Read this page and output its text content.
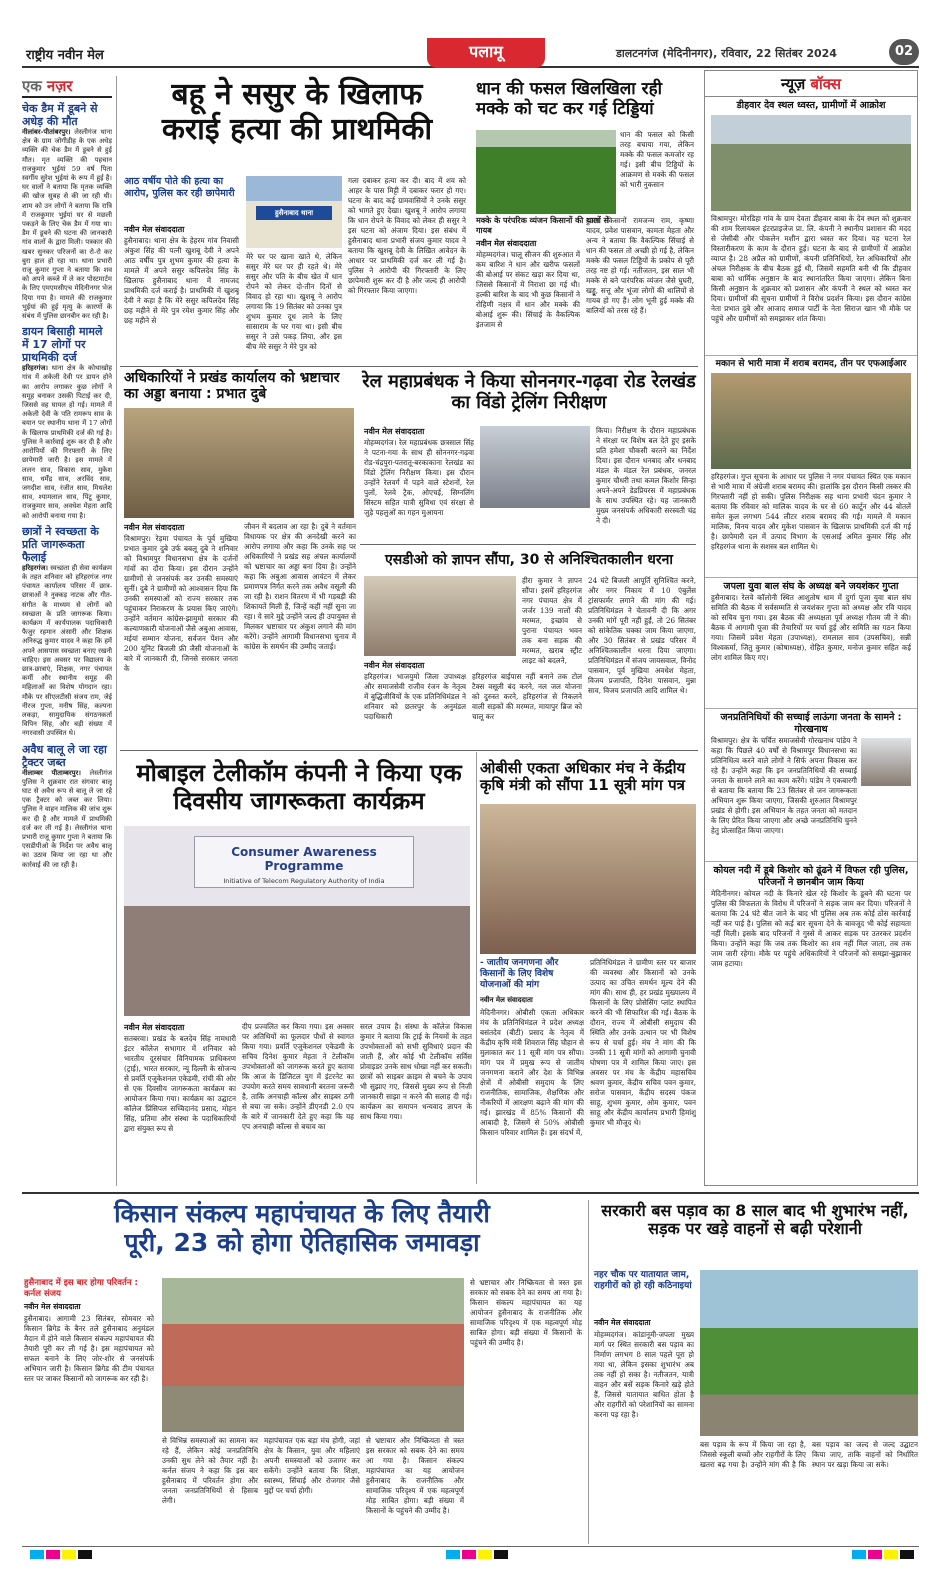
राष्ट्रीय नवीन मेल	पलामू	डालटनगंज (मेदिनीनगर), रविवार, 22 सितंबर 2024	02
एक नज़र
चेक डैम में डूबने से अधेड़ की मौत
नीलांबर-पीतांबरपुर। लेस्लीगंज थाना क्षेत्र के ग्राम जोगीडीह के एक अधेड़ व्यक्ति की चेक डैम में डूबने से हुई मौत। मृत व्यक्ति की पहचान राजकुमार भुईयां 59 वर्ष पिता स्वर्गीय सुरेश भुईयां के रूप में हुई है। घर वालों ने बताया कि मृतक व्यक्ति की खोज सुबह से की जा रही थी। शाम को उन लोगों ने बताया कि रात्रि में राजकुमार भुईयां घर से मछली पकड़ने के लिए चेक डैम में गया था। डैम में डूबने की घटना की जानकारी गांव वालों के द्वारा मिली। पत्रकार की खबर सुनकर परिजनों का रो-रो कर बुरा हाल हो रहा था। थाना प्रभारी राजू कुमार गुप्ता ने बताया कि शव को अपने कब्जे में ले कर पोस्टमार्टम के लिए एमएमसीएच मेदिनीनगर भेज दिया गया है। मामले की राजकुमार भुईयां की हुई मृत्यु के कारणों के संबंध में पुलिस छानबीन कर रही है।
डायन बिसाही मामले में 17 लोगों पर प्राथमिकी दर्ज
हरिहरगंज। थाना क्षेत्र के कोथाखोह गांव में अकेली देवी पर डायन होने का आरोप लगाकर कुछ लोगों ने समूह बनाकर उसकी पिटाई कर दी, जिससे वह घायल हो गई। मामले में अकेली देवी के पति रामरूप साव के बयान पर स्थानीय थाना में 17 लोगों के खिलाफ प्राथमिकी दर्ज की गई है। पुलिस ने कार्रवाई शुरू कर दी है और आरोपियों की गिरफ्तारी के लिए छापेमारी जारी है। इस मामले में ललन साव, विकास साव, मुकेश साव, धर्मेंद्र साव, अरविंद साव, जगदीश साव, रंजीत साव, मिथलेश साव, श्यामलाल साव, पिंटू कुमार, राजकुमार साव, अवधेश मेहता आदि को आरोपी बनाया गया है।
छात्रों ने स्वच्छता के प्रति जागरूकता फैलाई
हरिहरगंज। स्वच्छता ही सेवा कार्यक्रम के तहत शनिवार को हरिहरगंज नगर पंचायत कार्यालय परिसर में छात्र-छात्राओं ने नुक्कड़ नाटक और गीत-संगीत के माध्यम से लोगों को स्वच्छता के प्रति जागरूक किया। कार्यक्रम में कार्यपालक पदाधिकारी फैजुर रहमान अंसारी और शिक्षक अनिरुद्ध कुमार यादव ने कहा कि हमें अपने आसपास स्वच्छता बनाए रखनी चाहिए। इस अवसर पर विद्यालय के छात्र-छात्राएं, शिक्षक, नगर पंचायत कर्मी और स्थानीय समूह की महिलाओं का विशेष योगदान रहा। मौके पर सीएलटीसी संजय राम, जेई नीरज गुप्ता, मनीष सिंह, कल्पना लकड़ा, सामुदायिक संगठनकर्ता विपिन सिंह, और बड़ी संख्या में नगरवासी उपस्थित थे।
अवैध बालू ले जा रहा ट्रैक्टर जब्त
नीलाम्बर पीताम्बरपुर। लेस्लीगंज पुलिस ने शुक्रवार रात संगवार बालू घाट से अवैध रूप से बालू ले जा रहे एक ट्रैक्टर को जब्त कर लिया। पुलिस ने वाहन मालिक की जांच शुरू कर दी है और मामले में प्राथमिकी दर्ज कर ली गई है। लेस्लीगंज थाना प्रभारी राजू कुमार गुप्ता ने बताया कि एसडीपीओ के निर्देश पर अवैध बालू का उठाव किया जा रहा था और कार्रवाई की जा रही है।
बहू ने ससुर के खिलाफ
कराई हत्या की प्राथमिकी
आठ वर्षीय पोते की हत्या का आरोप, पुलिस कर रही छापेमारी
हुसैनाबाद थाना
नवीन मेल संवाददाता
हुसैनाबाद। थाना क्षेत्र के हेहरम गांव निवासी अंकुश सिंह की पत्नी खुशबू देवी ने अपने आठ वर्षीय पुत्र शुभम कुमार की हत्या के मामले में अपने ससुर कपिलदेव सिंह के खिलाफ हुसैनाबाद थाना में नामजद प्राथमिकी दर्ज कराई है। प्राथमिकी में खुशबू देवी ने कहा है कि मेरे ससुर कपिलदेव सिंह छह महीने से मेरे पुत्र रमेश कुमार सिंह और छह महीने से
मेरे घर पर खाना खाते थे, लेकिन ससुर मेरे घर पर ही रहते थे। मेरे ससुर और पति के बीच खेत में धान रोपने को लेकर दो-तीन दिनों से विवाद हो रहा था। खुशबू ने आरोप लगाया कि 19 सितंबर को उनका पुत्र शुभम कुमार दूध लाने के लिए सासाराम के घर गया था। इसी बीच ससुर ने उसे पकड़ लिया, और इस बीच मेरे ससुर ने मेरे पुत्र को
गला दबाकर हत्या कर दी। बाद में शव को आहर के पास मिट्टी में दबाकर फरार हो गए। घटना के बाद कई ग्रामवासियों ने उनके ससुर को भागते हुए देखा। खुशबू ने आरोप लगाया कि धान रोपने के विवाद को लेकर ही ससुर ने इस घटना को अंजाम दिया। इस संबंध में हुसैनाबाद थाना प्रभारी संजय कुमार यादव ने बताया कि खुशबू देवी के लिखित आवेदन के आधार पर प्राथमिकी दर्ज कर ली गई है। पुलिस ने आरोपी की गिरफ्तारी के लिए छापेमारी शुरू कर दी है और जल्द ही आरोपी को गिरफ्तार किया जाएगा।
धान की फसल खिलखिला रही मक्के को चट कर गई टिड्डियां
धान की फसल को किसी तरह बचाया गया, लेकिन मक्के की फसल कमजोर रह गई। इसी बीच टिड्डियों के आक्रमण से मक्के की फसल को भारी नुकसान
मक्के के परंपरिक व्यंजन किसानों की थालों से गायब
नवीन मेल संवाददाता
मोहम्मदगंज। चालू सीजन की शुरुआत में कम बारिश ने धान और खरीफ फसलों की बोआई पर संकट खड़ा कर दिया था, जिससे किसानों में निराशा छा गई थी। हल्की बारिश के बाद भी कुछ किसानों ने रोहिणी नक्षत्र में धान और मक्के की बोआई शुरू की। सिंचाई के वैकल्पिक इंतजाम से
हुआ। किसानों रामजन्म राम, कृष्णा यादव, प्रवेश पासवान, कामता मेहता और अन्य ने बताया कि वैकल्पिक सिंचाई से धान की फसल तो अच्छी हो गई है, लेकिन मक्के की फसल टिड्डियों के प्रकोप से पूरी तरह नष्ट हो गई। नतीजतन, इस साल भी मक्के से बने पारंपरिक व्यंजन जैसे घुघरी, खड्डू, सत्तू और भूंजा लोगों की थालियों से गायब हो गए हैं। लोग भूनी हुई मक्के की बालियों को तरस रहे हैं।
अधिकारियों ने प्रखंड कार्यालय को भ्रष्टाचार का अड्डा बनाया : प्रभात दुबे
नवीन मेल संवाददाता
विश्रामपुर। रेड़मा पंचायत के पूर्व मुखिया प्रभात कुमार दुबे उर्फ बबलू दुबे ने शनिवार को विश्रामपुर विधानसभा क्षेत्र के दर्जनों गांवों का दौरा किया। इस दौरान उन्होंने ग्रामीणों से जनसंपर्क कर उनकी समस्याएं सुनीं। दुबे ने ग्रामीणों को आश्वासन दिया कि उनकी समस्याओं को राज्य सरकार तक पहुंचाकर निराकरण के प्रयास किए जाएंगे। उन्होंने वर्तमान कांग्रेस-झामुमो सरकार की कल्याणकारी योजनाओं जैसे अबुआ आवास, मईयां सम्मान योजना, सर्वजन पेंशन और 200 यूनिट बिजली फ्री जैसी योजनाओं के बारे में जानकारी दी, जिनसे सरकार जनता के
जीवन में बदलाव आ रहा है। दुबे ने वर्तमान विधायक पर क्षेत्र की अनदेखी करने का आरोप लगाया और कहा कि उनके सह पर अधिकारियों ने प्रखंड सह अंचल कार्यालयों को भ्रष्टाचार का अड्डा बना दिया है। उन्होंने कहा कि अबुआ आवास आवंटन में लेकर प्रमाणपत्र निर्गत करने तक अवैध वसूली की जा रही है। राशन वितरण में भी गड़बड़ी की शिकायतें मिली हैं, जिन्हें कहीं नहीं सुना जा रहा। ये सारे मुद्दे उन्होंने जल्द ही उपायुक्त से मिलकर भ्रष्टाचार पर अंकुश लगाने की मांग करेंगे। उन्होंने आगामी विधानसभा चुनाव में कांग्रेस के समर्थन की उम्मीद जताई।
रेल महाप्रबंधक ने किया सोननगर-गढ़वा रोड रेलखंड का विंडो ट्रेलिंग निरीक्षण
नवीन मेल संवाददाता
मोहम्मदगंज। रेल महाप्रबंधक छत्रसाल सिंह ने पटना-गया के साथ ही सोननगर-गढ़वा रोड-चंद्रपुरा-पतरातू-बरकाकाना रेलखंड का विंडो ट्रेलिंग निरीक्षण किया। इस दौरान उन्होंने रेलवर्ग में पड़ने वाले स्टेशनों, रेल पुलों, रेलवे ट्रैक, ओएचई, सिग्नलिंग सिस्टम सहित यात्री सुविधा एवं संरक्षा से जुड़े पहलुओं का गहन मुआयना
किया। निरीक्षण के दौरान महाप्रबंधक ने संरक्षा पर विशेष बल देते हुए इसके प्रति हमेशा चौकसी बरतने का निर्देश दिया। इस दौरान धनबाद और धनबाद मंडल के मंडल रेल प्रबंधक, जनरल कुमार चौधरी तथा कमल किशोर सिन्हा अपने-अपने डेडप्रियरस में महाप्रबंधक के साथ उपस्थित रहे। यह जानकारी मुख्य जनसंपर्क अधिकारी सरस्वती चंद्र ने दी।
एसडीओ को ज्ञापन सौंपा, 30 से अनिश्चितकालीन धरना
नवीन मेल संवाददाता
हीरा कुमार ने ज्ञापन सौंपा। इसमें हरिहरगंज नगर पंचायत क्षेत्र में जर्जर 139 नालों की मरम्मत, इच्छांव से पुराना पंचायत भवन तक बना सड़क की मरम्मत, खराब स्ट्रीट लाइट को बदलने,
हरिहरगंज। भाजयुमो जिला उपाध्यक्ष और समाजसेवी राजीव रंजन के नेतृत्व में बुद्धिजीवियों के एक प्रतिनिधिमंडल ने शनिवार को छतरपुर के अनुमंडल पदाधिकारी
हरिहरगंज बाईपास नहीं बनाने तक टोल टैक्स वसूली बंद करने, नल जल योजना को दुरुस्त करने, हरिहरगंज से निकलने वाली सड़कों की मरम्मत, मायापुर ब्रिज को चालू कर
24 घंटे बिजली आपूर्ति सुनिश्चित करने, और नगर निकाय में 10 एंबुलेंस ट्रांसफार्मर लगाने की मांग की गई। प्रतिनिधिमंडल ने चेतावनी दी कि अगर उनकी मांगें पूरी नहीं हुईं, तो 26 सितंबर को सांकेतिक चक्का जाम किया जाएगा, और 30 सितंबर से प्रखंड परिसर में अनिश्चितकालीन धरना दिया जाएगा। प्रतिनिधिमंडल में संजय जायसवाल, विनोद पासवान, पूर्व मुखिया अवधेश मेहता, विजय प्रजापति, दिनेश पासवान, मुन्ना साव, विजय प्रजापति आदि शामिल थे।
मोबाइल टेलीकॉम कंपनी ने किया एक दिवसीय जागरूकता कार्यक्रम
Consumer Awareness Programme
Initiative of Telecom Regulatory Authority of India
नवीन मेल संवाददाता
सतबरवा। प्रखंड के बलदेव सिंह नामधारी इंटर कॉलेज सभागार में शनिवार को भारतीय दूरसंचार विनियामक प्राधिकरण (ट्राई), भारत सरकार, न्यू दिल्ली के सोजन्य से प्रवर्ति एजुकेशनल एकेडमी, रांची की ओर से एक दिवसीय जागरूकता कार्यक्रम का आयोजन किया गया। कार्यक्रम का उद्घाटन कॉलेज प्रिंसिपल सच्चिदानंद प्रसाद, मोहन सिंह, प्रतिमा और संस्था के पदाधिकारियों द्वारा संयुक्त रूप से
दीप प्रज्वलित कर किया गया। इस अवसर पर अतिथियों का फूलदार पौधों से स्वागत किया गया। प्रवर्ति एजुकेशनल एकेडमी के सचिव दिनेश कुमार मेहता ने टेलीकॉम उपभोक्ताओं को जागरूक करते हुए बताया कि आज के डिजिटल युग में इंटरनेट का उपयोग करते समय सावधानी बरतना जरूरी है, ताकि अनचाही कॉल्स और साइबर ठगी से बचा जा सके। उन्होंने डीएनडी 2.0 एप के बारे में जानकारी देते हुए कहा कि यह एप अनचाही कॉल्स से बचाव का
सरल उपाय है। संस्था के कॉलेज विकास कुमार ने बताया कि ट्राई के नियमों के तहत उपभोक्ताओं को सभी सुविधाएं प्रदान की जाती हैं, और कोई भी टेलीकॉम सर्विस प्रोवाइडर उनके साथ धोखा नहीं कर सकती। छात्रों को साइबर क्राइम से बचने के उपाय भी सुझाए गए, जिससे मुख्य रूप से निजी जानकारी साझा न करने की सलाह दी गई। कार्यक्रम का समापन धन्यवाद ज्ञापन के साथ किया गया।
ओबीसी एकता अधिकार मंच ने केंद्रीय कृषि मंत्री को सौंपा 11 सूत्री मांग पत्र
- जातीय जनगणना और किसानों के लिए विशेष योजनाओं की मांग
नवीन मेल संवाददाता
मेदिनीनगर। ओबीसी एकता अधिकार मंच के प्रतिनिधिमंडल ने प्रदेश अध्यक्ष बसंतदेव (बीटी) प्रसाद के नेतृत्व में केंद्रीय कृषि मंत्री शिवराज सिंह चौहान से मुलाकात कर 11 सूत्री मांग पत्र सौंपा। मांग पत्र में प्रमुख रूप से जातीय जनगणना कराने और देश के विभिन्न क्षेत्रों में ओबीसी समुदाय के लिए राजनीतिक, सामाजिक, शैक्षणिक और नौकरियों में आरक्षण बढ़ाने की मांग की गई। झारखंड में 85% किसानों की आबादी है, जिसमें से 50% ओबीसी किसान परिवार शामिल हैं। इस संदर्भ में,
प्रतिनिधिमंडल ने ग्रामीण स्तर पर बाजार की व्यवस्था और किसानों को उनके उत्पाद का उचित समर्थन मूल्य देने की मांग की। साथ ही, हर प्रखंड मुख्यालय में किसानों के लिए प्रोसेसिंग प्लांट स्थापित करने की भी सिफारिश की गई। बैठक के दौरान, राज्य में ओबीसी समुदाय की स्थिति और उनके उत्थान पर भी विशेष रूप से चर्चा हुई। मंच ने मांग की कि उनकी 11 सूत्री मांगों को आगामी चुनावी घोषणा पत्र में शामिल किया जाए। इस अवसर पर मंच के केंद्रीय महासचिव श्रवण कुमार, केंद्रीय सचिव पवन कुमार, सरोज पासवान, केंद्रीय सदस्य पंकज साहू, शुभम कुमार, ओम कुमार, पवन साहू और केंद्रीय कार्यालय प्रभारी हिमांशु कुमार भी मौजूद थे।
न्यूज़ बॉक्स
डीहवार देव स्थल ध्वस्त, ग्रामीणों में आक्रोश
विश्रामपुर। मोरडिहा गांव के ग्राम देवता डीहवार बाबा के देव स्थल को शुक्रवार की शाम रिलायबल इंटरप्राइजेज प्रा. लि. कंपनी ने स्थानीय प्रशासन की मदद से जेसीबी और पोकलेन मशीन द्वारा ध्वस्त कर दिया। यह घटना रेल विस्तारीकरण के काम के दौरान हुई। घटना के बाद से ग्रामीणों में आक्रोश व्याप्त है। 28 अप्रैल को ग्रामीणों, कंपनी प्रतिनिधियों, रेल अधिकारियों और अंचल निरीक्षक के बीच बैठक हुई थी, जिसमें सहमति बनी थी कि डीहवार बाबा को धार्मिक अनुष्ठान के बाद स्थानांतरित किया जाएगा। लेकिन बिना किसी अनुष्ठान के शुक्रवार को प्रशासन और कंपनी ने स्थल को ध्वस्त कर दिया। ग्रामीणों की सूचना ग्रामीणों ने विरोध प्रदर्शन किया। इस दौरान कांग्रेस नेता प्रभात दुबे और आजाद समाज पार्टी के नेता सिराज खान भी मौके पर पहुंचे और ग्रामीणों को समझाकर शांत किया।
मकान से भारी मात्रा में शराब बरामद, तीन पर एफआईआर
हरिहरगंज। गुप्त सूचना के आधार पर पुलिस ने नगर पंचायत स्थित एक मकान से भारी मात्रा में अंग्रेजी शराब बरामद की। हालांकि इस दौरान किसी तस्कर की गिरफ्तारी नहीं हो सकी। पुलिस निरीक्षक सह थाना प्रभारी चंदन कुमार ने बताया कि रविवार को मालिक यादव के घर से 60 कार्टून और 44 बोतलें समेत कुल लगभग 544 लीटर शराब बरामद की गई। मामले में मकान मालिक, विनय यादव और मुकेश पासवान के खिलाफ प्राथमिकी दर्ज की गई है। छापेमारी दल में उत्पाद विभाग के एसआई अमित कुमार सिंह और हरिहरगंज थाना के सशस्त्र बल शामिल थे।
जपला युवा बाल संघ के अध्यक्ष बने जयशंकर गुप्ता
हुसैनाबाद। रेलवे कॉलोनी स्थित आशुतोष धाम में दुर्गा पूजा युवा बाल संघ समिति की बैठक में सर्वसम्मति से जयशंकर गुप्ता को अध्यक्ष और रवि यादव को सचिव चुना गया। इस बैठक की अध्यक्षता पूर्व अध्यक्ष गौतम जी ने की। बैठक में आगामी पूजा की तैयारियों पर चर्चा हुई और समिति का गठन किया गया। जिसमें प्रवेश मेहता (उपाध्यक्ष), रामलाल साव (उपसचिव), सन्नी विश्वकर्मा, जितु कुमार (कोषाध्यक्ष), रोहित कुमार, मनोज कुमार सहित कई लोग शामिल किए गए।
जनप्रतिनिधियों की सच्चाई लाऊंगा जनता के सामने : गोरखनाथ
विश्रामपुर। क्षेत्र के चर्चित समाजसेवी गोरखनाथ पांडेय ने कहा कि पिछले 40 वर्षों से विश्रामपुर विधानसभा का प्रतिनिधित्व करने वाले लोगों ने सिर्फ अपना विकास कर रहे हैं। उन्होंने कहा कि इन जनप्रतिनिधियों की सच्चाई जनता के सामने लाने का काम करेंगे। पांडेय ने एकबारगी से बताया कि बताया कि 23 सितंबर से जन जागरूकता अभियान शुरू किया जाएगा, जिसकी शुरुआत विश्रामपुर प्रखंड से होगी। इस अभियान के तहत जनता को मतदान के लिए प्रेरित किया जाएगा और अच्छे जनप्रतिनिधि चुनने हेतु प्रोत्साहित किया जाएगा।
कोयल नदी में डूबे किशोर को ढूंढने में विफल रही पुलिस, परिजनों ने छानबीन जाम किया
मेदिनीनगर। कोयल नदी के किनारे खेल रहे किशोर के डूबने की घटना पर पुलिस की विफलता के विरोध में परिजनों ने सड़क जाम कर दिया। परिजनों ने बताया कि 24 घंटे बीत जाने के बाद भी पुलिस अब तक कोई ठोस कार्रवाई नहीं कर पाई है। पुलिस को कई बार सूचना देने के बावजूद भी कोई सहायता नहीं मिली। इसके बाद परिजनों ने गुस्से में आकर सड़क पर उतरकर प्रदर्शन किया। उन्होंने कहा कि जब तक किशोर का शव नहीं मिल जाता, तब तक जाम जारी रहेगा। मौके पर पहुंचे अधिकारियों ने परिजनों को समझा-बुझाकर जाम हटाया।
किसान संकल्प महापंचायत के लिए तैयारी
पूरी, 23 को होगा ऐतिहासिक जमावड़ा
हुसैनाबाद में इस बार होगा परिवर्तन : कर्नल संजय
नवीन मेल संवाददाता
हुसैनाबाद। आगामी 23 सितंबर, सोमवार को किसान ब्रिगेड के बैनर तले हुसैनाबाद अनुमंडल मैदान में होने वाले किसान संकल्प महापंचायत की तैयारी पूरी कर ली गई है। इस महापंचायत को सफल बनाने के लिए जोर-शोर से जनसंपर्क अभियान जारी है। किसान ब्रिगेड की टीम पंचायत स्तर पर जाकर किसानों को जागरूक कर रही है।
से विभिन्न समस्याओं का सामना कर रहे हैं, लेकिन कोई जनप्रतिनिधि उनकी सुध लेने को तैयार नहीं है। कर्नल संजय ने कहा कि इस बार हुसैनाबाद में परिवर्तन होगा और जनता जनप्रतिनिधियों से हिसाब लेगी।
महापंचायत एक बड़ा मंच होगी, जहां क्षेत्र के किसान, युवा और महिलाएं अपनी समस्याओं को उजागर कर सकेंगे। उन्होंने बताया कि शिक्षा, स्वास्थ्य, सिंचाई और रोजगार जैसे मुद्दों पर चर्चा होगी।
से भ्रष्टाचार और निष्क्रियता से त्रस्त इस सरकार को सबक देने का समय आ गया है। किसान संकल्प महापंचायत का यह आयोजन हुसैनाबाद के राजनीतिक और सामाजिक परिदृश्य में एक महत्वपूर्ण मोड़ साबित होगा। बड़ी संख्या में किसानों के पहुंचने की उम्मीद है।
से भ्रष्टाचार और निष्क्रियता से त्रस्त इस सरकार को सबक देने का समय आ गया है। किसान संकल्प महापंचायत का यह आयोजन हुसैनाबाद के राजनीतिक और सामाजिक परिदृश्य में एक महत्वपूर्ण मोड़ साबित होगा। बड़ी संख्या में किसानों के पहुंचने की उम्मीद है।
सरकारी बस पड़ाव का 8 साल बाद भी शुभारंभ नहीं, सड़क पर खड़े वाहनों से बढ़ी परेशानी
नहर चौक पर यातायात जाम, राहगीरों को हो रही कठिनाइयां
नवीन मेल संवाददाता
मोहम्मदगंज। कांडानूमी-जपला मुख्य मार्ग पर स्थित सरकारी बस पड़ाव का निर्माण लगभग 8 साल पहले पूरा हो गया था, लेकिन इसका शुभारंभ अब तक नहीं हो सका है। नतीजतन, यात्री वाहन और बसें सड़क किनारे खड़े होते हैं, जिससे यातायात बाधित होता है और राहगीरों को परेशानियों का सामना करना पड़ रहा है।
बस पड़ाव के रूप में किया जा रहा है, जिससे स्कूली बच्चों और राहगीरों के लिए खतरा बढ़ गया है। उन्होंने मांग की है कि बस पड़ाव का जल्द से जल्द उद्घाटन किया जाए, ताकि वाहनों को निर्धारित स्थान पर खड़ा किया जा सके।
